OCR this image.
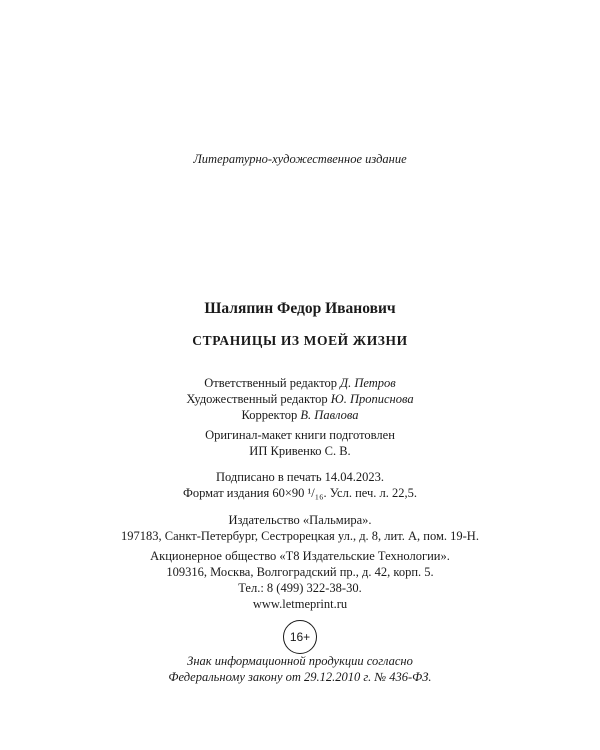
Литературно-художественное издание
Шаляпин Федор Иванович
СТРАНИЦЫ ИЗ МОЕЙ ЖИЗНИ
Ответственный редактор Д. Петров
Художественный редактор Ю. Прописнова
Корректор В. Павлова
Оригинал-макет книги подготовлен
ИП Кривенко С. В.
Подписано в печать 14.04.2023.
Формат издания 60×90 ¹/₁₆. Усл. печ. л. 22,5.
Издательство «Пальмира».
197183, Санкт-Петербург, Сестрорецкая ул., д. 8, лит. А, пом. 19-Н.
Акционерное общество «Т8 Издательские Технологии».
109316, Москва, Волгоградский пр., д. 42, корп. 5.
Тел.: 8 (499) 322-38-30.
www.letmeprint.ru
16+
Знак информационной продукции согласно
Федеральному закону от 29.12.2010 г. № 436-ФЗ.
